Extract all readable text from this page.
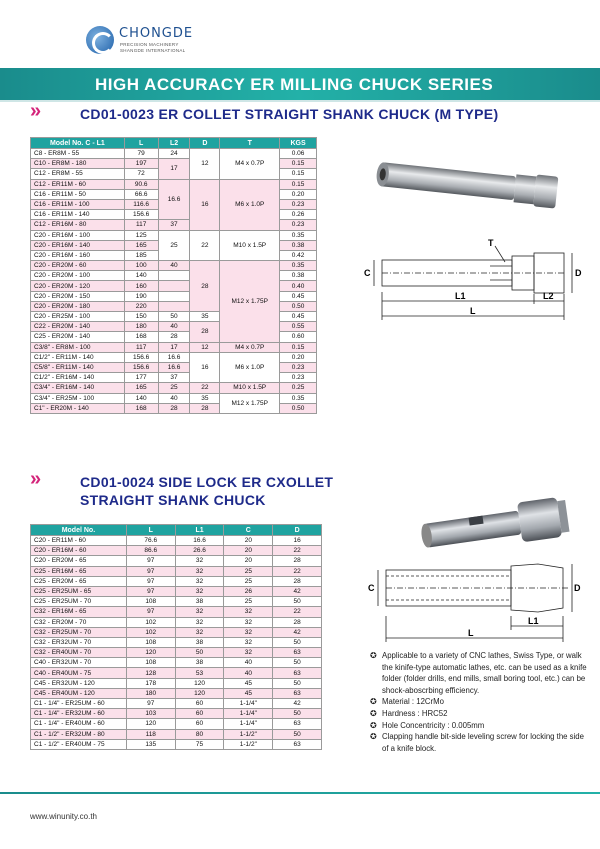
CHONGDE
PRECISION MACHINERY
SHANGDE INTERNATIONAL
HIGH ACCURACY ER MILLING CHUCK SERIES
»	CD01-0023 ER COLLET STRAIGHT SHANK CHUCK (M TYPE)
Model No. C - L1	L	L2	D	T	KGS
C8 - ER8M - 55	79	24	12	M4 x 0.7P	0.06
C10 - ER8M - 180	197	17			0.15
C12 - ER8M - 55	72				0.15
C12 - ER11M - 60	90.6	16.6	16	M6 x 1.0P	0.15
C16 - ER11M - 50	66.6				0.20
C16 - ER11M - 100	116.6				0.23
C16 - ER11M - 140	156.6				0.26
C12 - ER16M - 80	117	37			0.23
C20 - ER16M - 100	125	25	22	M10 x 1.5P	0.35
C20 - ER16M - 140	165				0.38
C20 - ER16M - 160	185				0.42
C20 - ER20M - 60	100	40	28	M12 x 1.75P	0.35
C20 - ER20M - 100	140				0.38
C20 - ER20M - 120	160				0.40
C20 - ER20M - 150	190				0.45
C20 - ER20M - 180	220				0.50
C20 - ER25M - 100	150	50	35		0.45
C22 - ER20M - 140	180	40	28		0.55
C25 - ER20M - 140	168	28			0.60
C3/8" - ER8M - 100	117	17	12	M4 x 0.7P	0.15
C1/2" - ER11M - 140	156.6	16.6	16	M6 x 1.0P	0.20
C5/8" - ER11M - 140	156.6	16.6			0.23
C1/2" - ER16M - 140	177	37			0.23
C3/4" - ER16M - 140	165	25	22	M10 x 1.5P	0.25
C3/4" - ER25M - 100	140	40	35	M12 x 1.75P	0.35
C1" - ER20M - 140	168	28	28		0.50
T
C	D
L1	L2
L
»	CD01-0024 SIDE LOCK ER CXOLLET
STRAIGHT SHANK CHUCK
Model No.	L	L1	C	D
C20 - ER11M - 60	76.6	16.6	20	16
C20 - ER16M - 60	86.6	26.6	20	22
C20 - ER20M - 65	97	32	20	28
C25 - ER16M - 65	97	32	25	22
C25 - ER20M - 65	97	32	25	28
C25 - ER25UM - 65	97	32	26	42
C25 - ER25UM - 70	108	38	25	50
C32 - ER16M - 65	97	32	32	22
C32 - ER20M - 70	102	32	32	28
C32 - ER25UM - 70	102	32	32	42
C32 - ER32UM - 70	108	38	32	50
C32 - ER40UM - 70	120	50	32	63
C40 - ER32UM - 70	108	38	40	50
C40 - ER40UM - 75	128	53	40	63
C45 - ER32UM - 120	178	120	45	50
C45 - ER40UM - 120	180	120	45	63
C1 - 1/4" - ER25UM - 60	97	60	1-1/4"	42
C1 - 1/4" - ER32UM - 60	103	60	1-1/4"	50
C1 - 1/4" - ER40UM - 60	120	60	1-1/4"	63
C1 - 1/2" - ER32UM - 80	118	80	1-1/2"	50
C1 - 1/2" - ER40UM - 75	135	75	1-1/2"	63
C	D
L1
L
✪ Applicable to a variety of CNC lathes, Swiss Type, or walk the kinife-type automatic lathes, etc. can be used as a knife folder (folder drills, end mills, small boring tool, etc.) can be shock-aboscrbing efficiency.
✪ Material : 12CrMo
✪ Hardness : HRC52
✪ Hole Concentricity : 0.005mm
✪ Clapping handle bit-side leveling screw for locking the side of a knife block.
www.winunity.co.th
